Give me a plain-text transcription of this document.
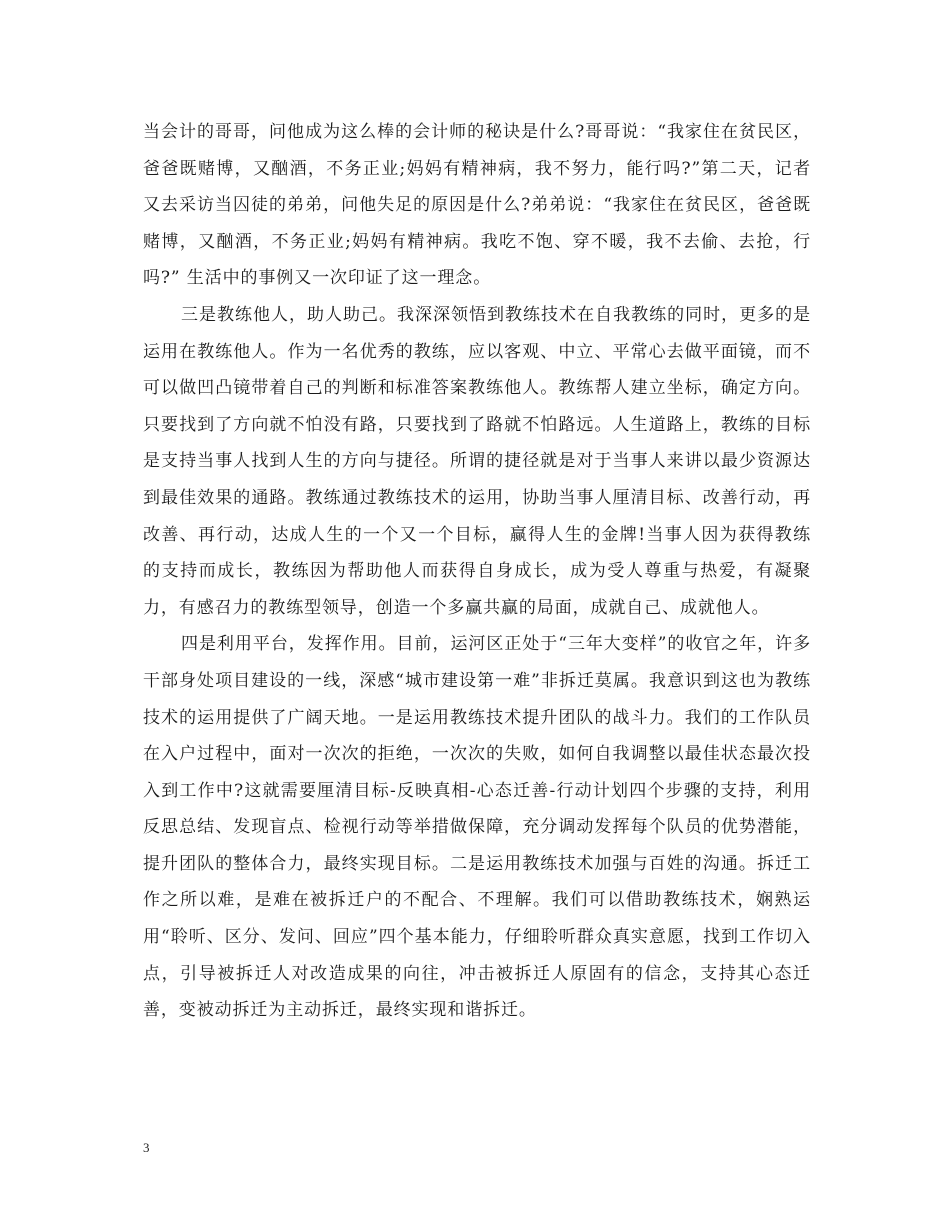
当会计的哥哥，问他成为这么棒的会计师的秘诀是什么?哥哥说：“我家住在贫民区，爸爸既赌博，又酗酒，不务正业;妈妈有精神病，我不努力，能行吗?”第二天，记者又去采访当囚徒的弟弟，问他失足的原因是什么?弟弟说：“我家住在贫民区，爸爸既赌博，又酗酒，不务正业;妈妈有精神病。我吃不饱、穿不暖，我不去偷、去抢，行吗?” 生活中的事例又一次印证了这一理念。

三是教练他人，助人助己。我深深领悟到教练技术在自我教练的同时，更多的是运用在教练他人。作为一名优秀的教练，应以客观、中立、平常心去做平面镜，而不可以做凹凸镜带着自己的判断和标准答案教练他人。教练帮人建立坐标，确定方向。只要找到了方向就不怕没有路，只要找到了路就不怕路远。人生道路上，教练的目标是支持当事人找到人生的方向与捷径。所谓的捷径就是对于当事人来讲以最少资源达到最佳效果的通路。教练通过教练技术的运用，协助当事人厘清目标、改善行动，再改善、再行动，达成人生的一个又一个目标，赢得人生的金牌!当事人因为获得教练的支持而成长，教练因为帮助他人而获得自身成长，成为受人尊重与热爱，有凝聚力，有感召力的教练型领导，创造一个多赢共赢的局面，成就自己、成就他人。

四是利用平台，发挥作用。目前，运河区正处于“三年大变样”的收官之年，许多干部身处项目建设的一线，深感“城市建设第一难”非拆迁莫属。我意识到这也为教练技术的运用提供了广阔天地。一是运用教练技术提升团队的战斗力。我们的工作队员在入户过程中，面对一次次的拒绝，一次次的失败，如何自我调整以最佳状态最次投入到工作中?这就需要厘清目标-反映真相-心态迁善-行动计划四个步骤的支持，利用反思总结、发现盲点、检视行动等举措做保障，充分调动发挥每个队员的优势潜能，提升团队的整体合力，最终实现目标。二是运用教练技术加强与百姓的沟通。拆迁工作之所以难，是难在被拆迁户的不配合、不理解。我们可以借助教练技术，娴熟运用“聆听、区分、发问、回应”四个基本能力，仔细聆听群众真实意愿，找到工作切入点，引导被拆迁人对改造成果的向往，冲击被拆迁人原固有的信念，支持其心态迁善，变被动拆迁为主动拆迁，最终实现和谐拆迁。

3
